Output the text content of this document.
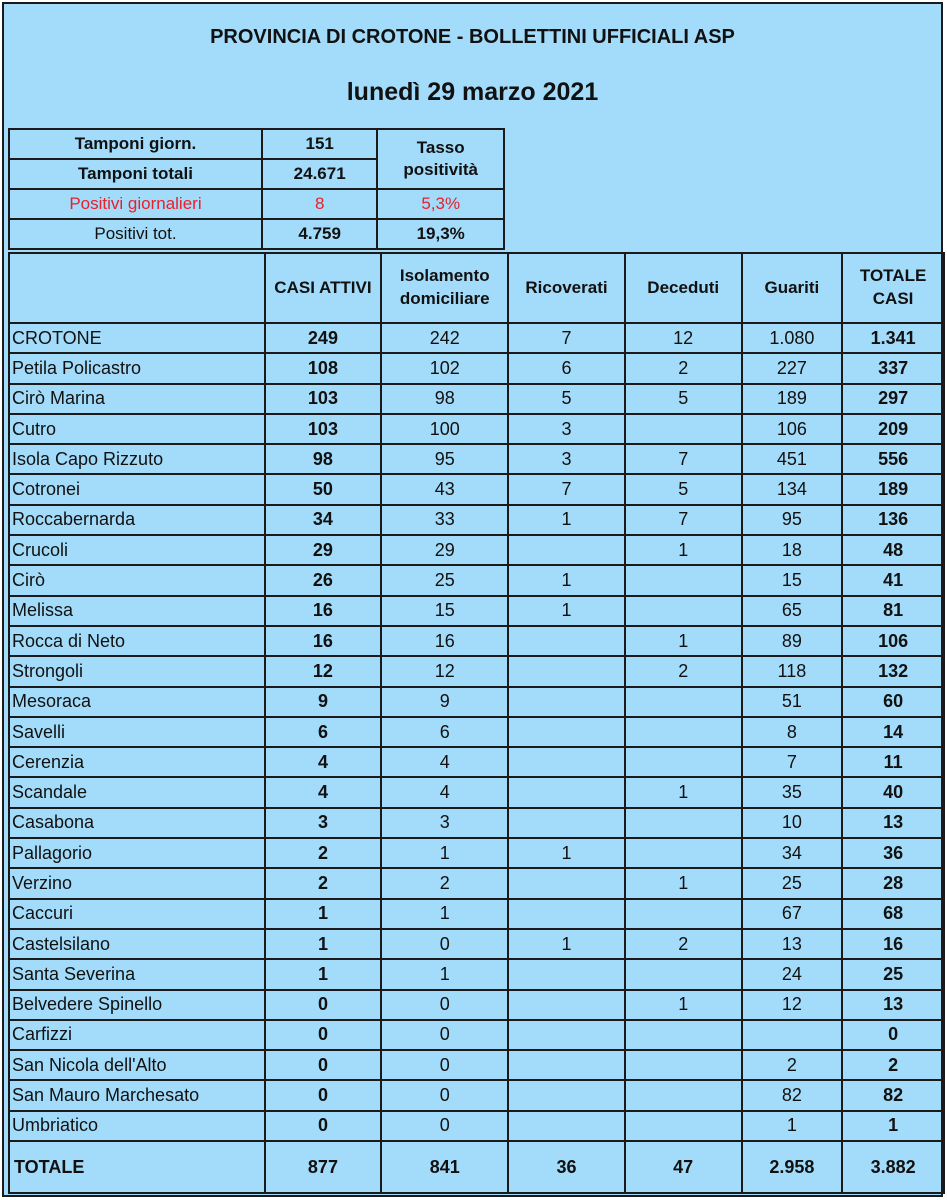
PROVINCIA DI CROTONE - BOLLETTINI UFFICIALI ASP
lunedì 29 marzo 2021
Tamponi giorn.	151	Tasso
positività
Tamponi totali	24.671	
Positivi giornalieri	8	5,3%
Positivi tot.	4.759	19,3%
	CASI ATTIVI	Isolamento
domiciliare	Ricoverati	Deceduti	Guariti	TOTALE
CASI
CROTONE	249	242	7	12	1.080	1.341
Petila Policastro	108	102	6	2	227	337
Cirò Marina	103	98	5	5	189	297
Cutro	103	100	3		106	209
Isola Capo Rizzuto	98	95	3	7	451	556
Cotronei	50	43	7	5	134	189
Roccabernarda	34	33	1	7	95	136
Crucoli	29	29		1	18	48
Cirò	26	25	1		15	41
Melissa	16	15	1		65	81
Rocca di Neto	16	16		1	89	106
Strongoli	12	12		2	118	132
Mesoraca	9	9			51	60
Savelli	6	6			8	14
Cerenzia	4	4			7	11
Scandale	4	4		1	35	40
Casabona	3	3			10	13
Pallagorio	2	1	1		34	36
Verzino	2	2		1	25	28
Caccuri	1	1			67	68
Castelsilano	1	0	1	2	13	16
Santa Severina	1	1			24	25
Belvedere Spinello	0	0		1	12	13
Carfizzi	0	0				0
San Nicola dell'Alto	0	0			2	2
San Mauro Marchesato	0	0			82	82
Umbriatico	0	0			1	1
TOTALE	877	841	36	47	2.958	3.882
